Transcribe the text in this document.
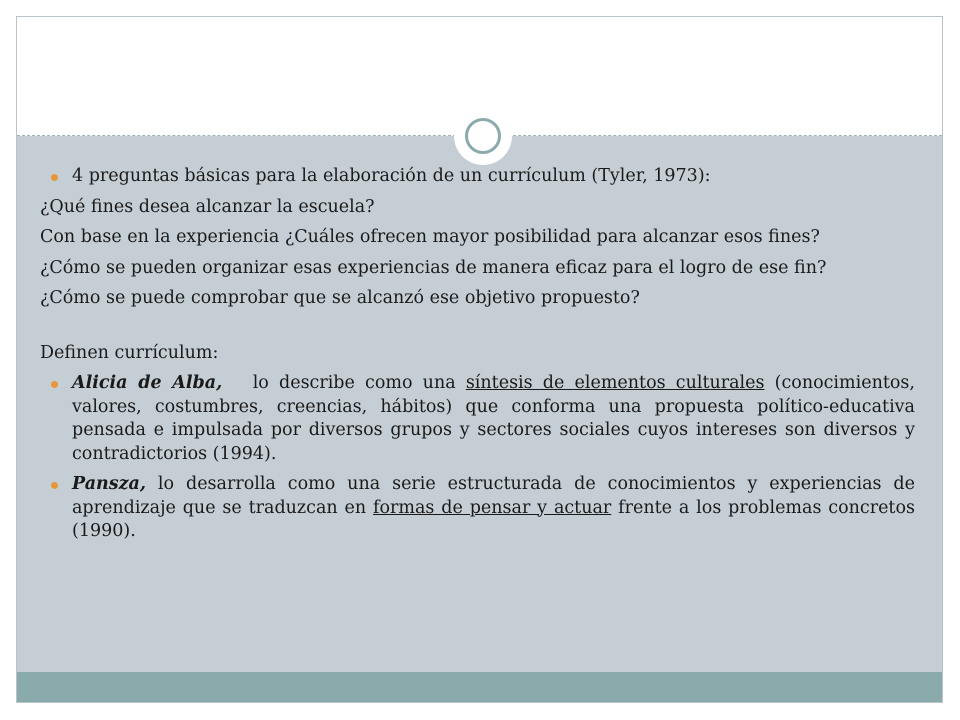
4 preguntas básicas para la elaboración de un currículum (Tyler, 1973):

¿Qué fines desea alcanzar la escuela?

Con base en la experiencia ¿Cuáles ofrecen mayor posibilidad para alcanzar esos fines?

¿Cómo se pueden organizar esas experiencias de manera eficaz para el logro de ese fin?

¿Cómo se puede comprobar que se alcanzó ese objetivo propuesto?

Definen currículum:

Alicia de Alba, lo describe como una síntesis de elementos culturales (conocimientos, valores, costumbres, creencias, hábitos) que conforma una propuesta político-educativa pensada e impulsada por diversos grupos y sectores sociales cuyos intereses son diversos y contradictorios (1994).

Pansza, lo desarrolla como una serie estructurada de conocimientos y experiencias de aprendizaje que se traduzcan en formas de pensar y actuar frente a los problemas concretos (1990).
